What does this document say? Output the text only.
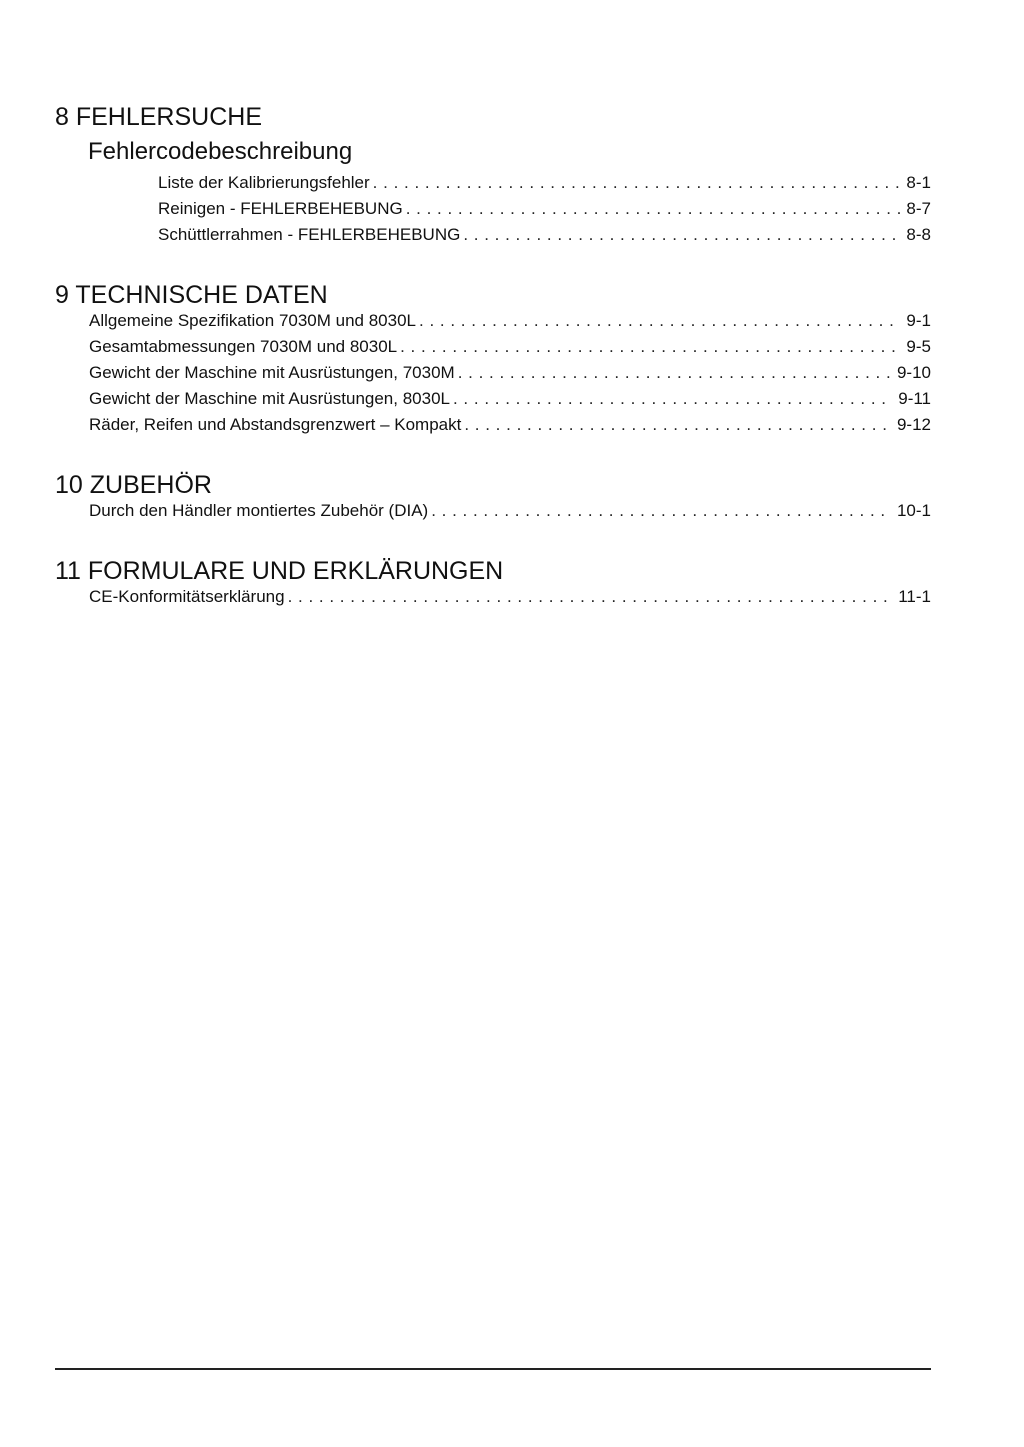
8 FEHLERSUCHE
Fehlercodebeschreibung
Liste der Kalibrierungsfehler . . .	8-1
Reinigen - FEHLERBEHEBUNG . . .	8-7
Schüttlerrahmen - FEHLERBEHEBUNG . . .	8-8
9 TECHNISCHE DATEN
Allgemeine Spezifikation 7030M und 8030L . . .	9-1
Gesamtabmessungen 7030M und 8030L . . .	9-5
Gewicht der Maschine mit Ausrüstungen, 7030M . . .	9-10
Gewicht der Maschine mit Ausrüstungen, 8030L . . .	9-11
Räder, Reifen und Abstandsgrenzwert – Kompakt . . .	9-12
10 ZUBEHÖR
Durch den Händler montiertes Zubehör (DIA) . . .	10-1
11 FORMULARE UND ERKLÄRUNGEN
CE-Konformitätserklärung . . .	11-1
